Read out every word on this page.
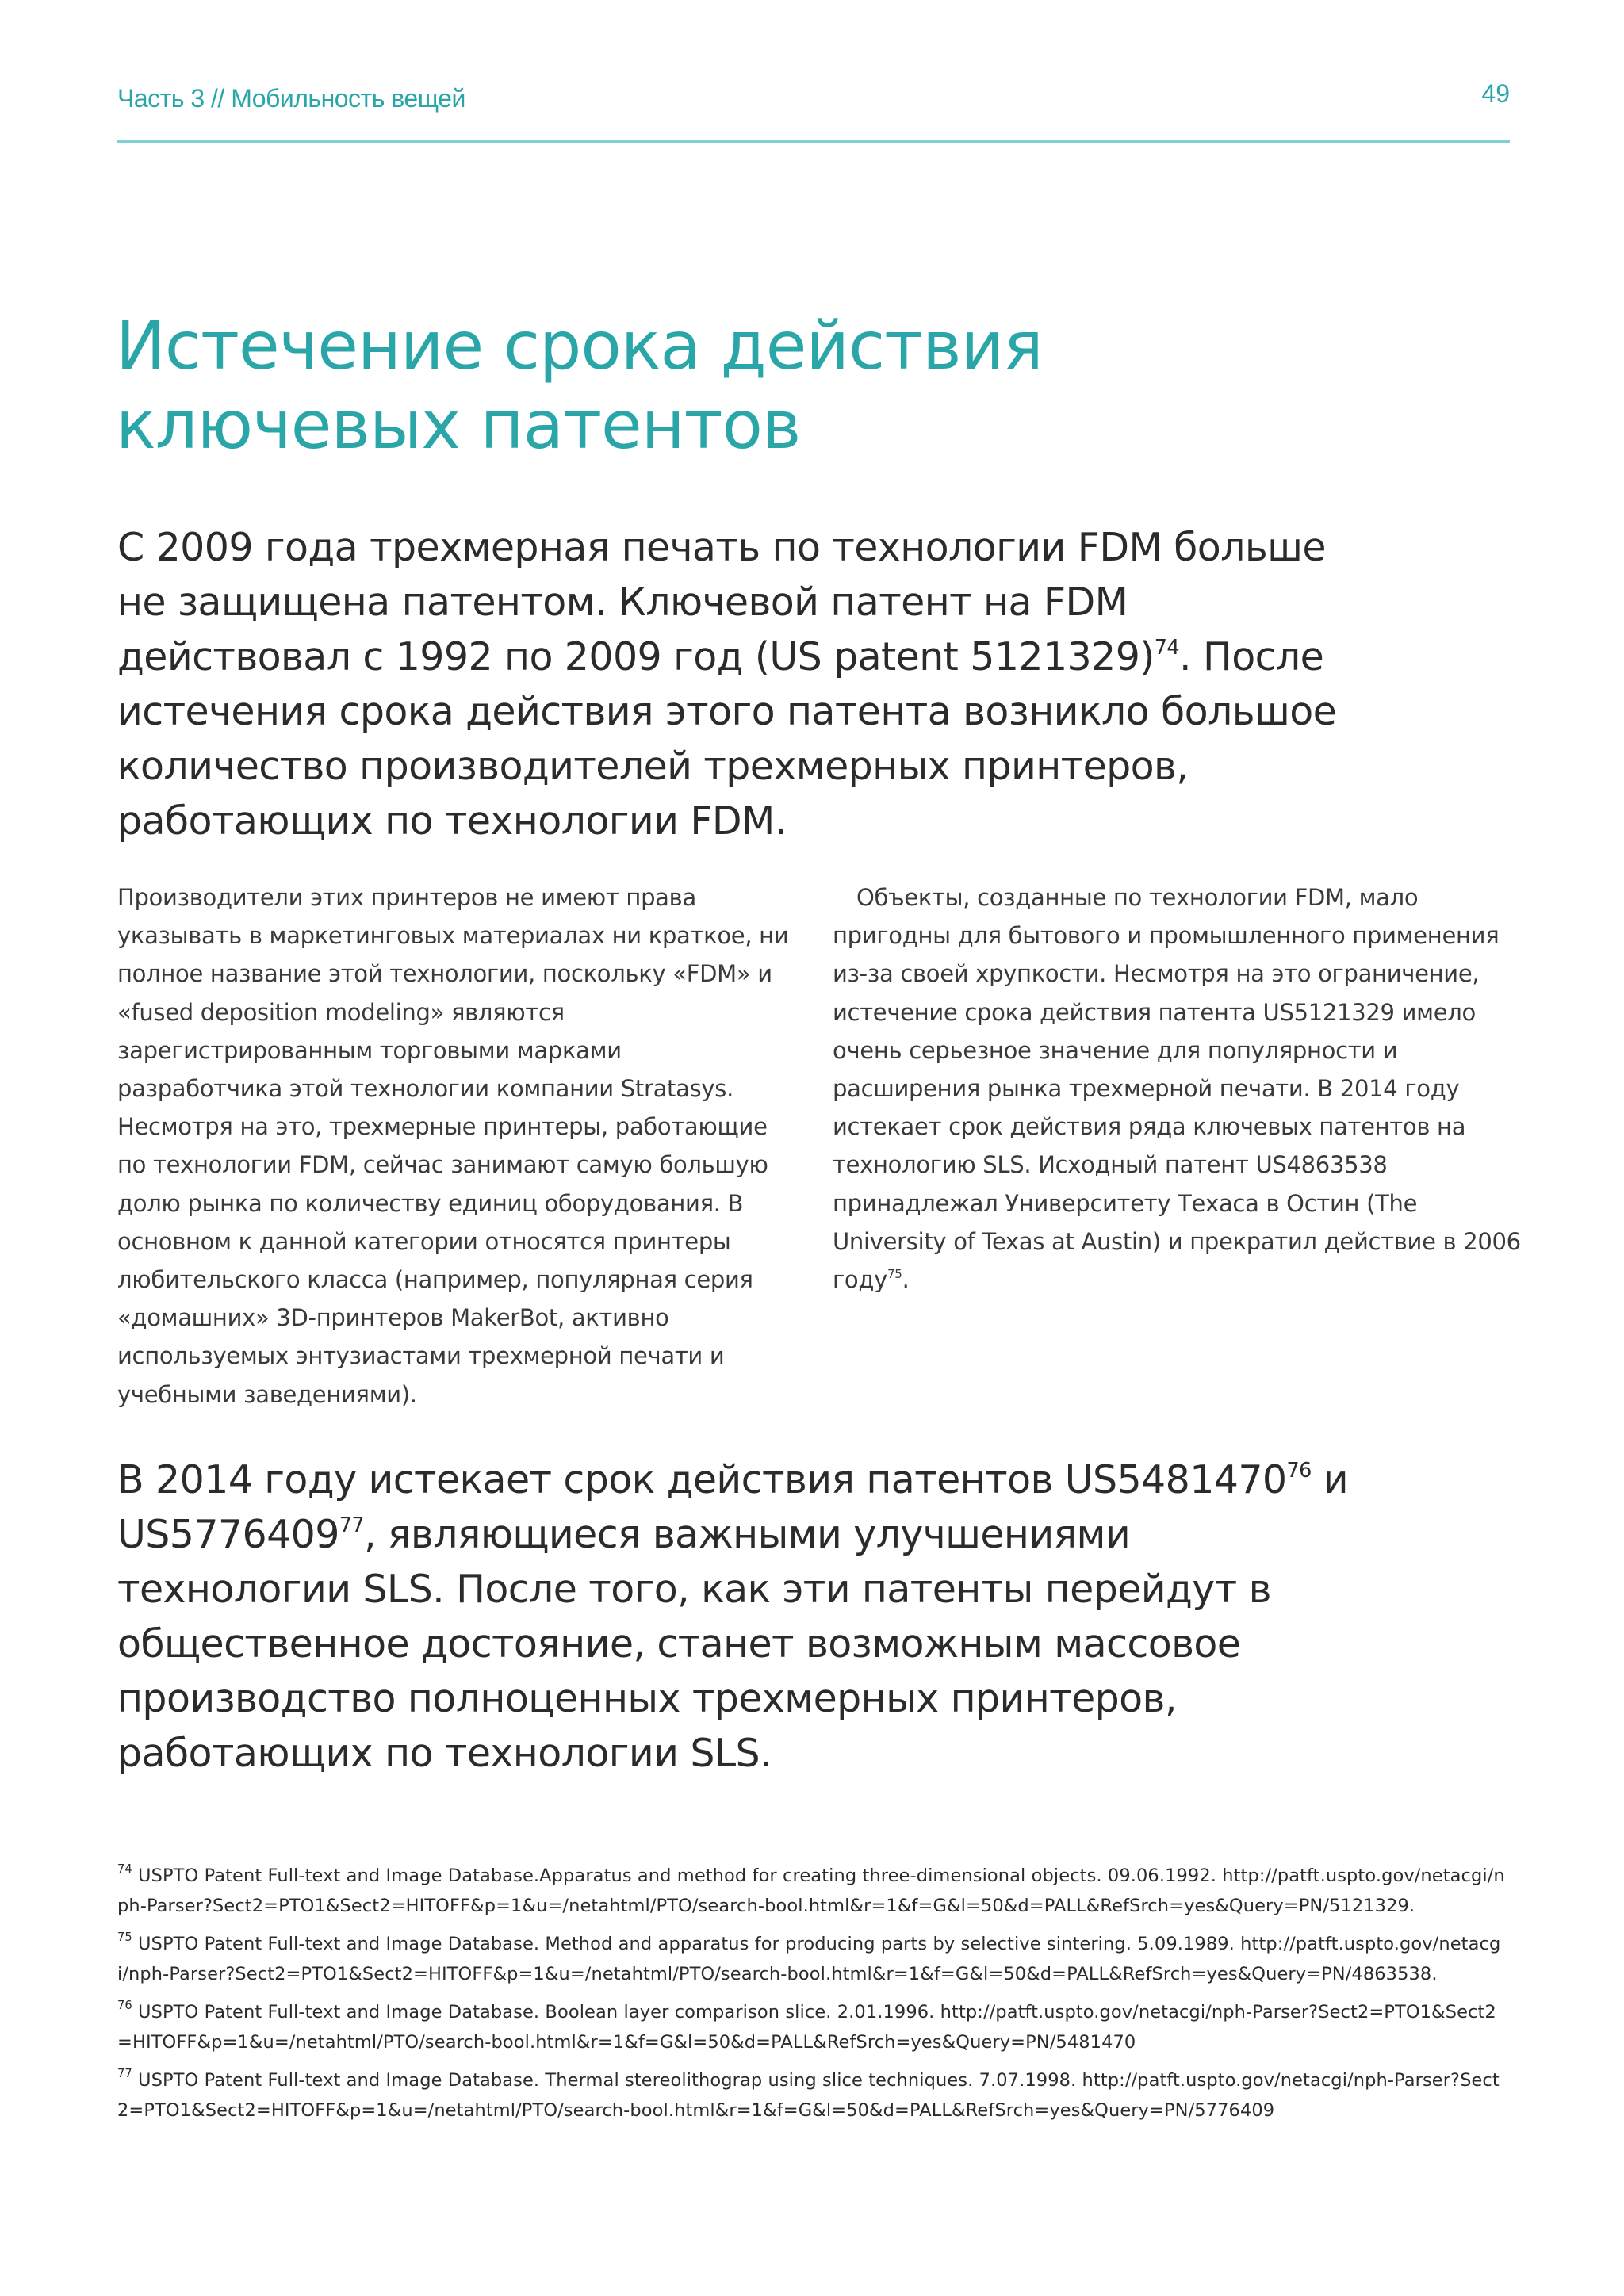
Часть 3 // Мобильность вещей	49
Истечение срока действия
ключевых патентов

С 2009 года трехмерная печать по технологии FDM больше не защищена патентом. Ключевой патент на FDM действовал с 1992 по 2009 год (US patent 5121329)$^{74}$. После истечения срока действия этого патента возникло большое количество производителей трехмерных принтеров, работающих по технологии FDM.

Производители этих принтеров не имеют права указывать в маркетинговых материалах ни краткое, ни полное название этой технологии, поскольку «FDM» и «fused deposition modeling» являются зарегистрированным торговыми марками разработчика этой технологии компании Stratasys. Несмотря на это, трехмерные принтеры, работающие по технологии FDM, сейчас занимают самую большую долю рынка по количеству единиц оборудования. В основном к данной категории относятся принтеры любительского класса (например, популярная серия «домашних» 3D-принтеров MakerBot, активно используемых энтузиастами трехмерной печати и учебными заведениями).

Объекты, созданные по технологии FDM, мало пригодны для бытового и промышленного применения из-за своей хрупкости. Несмотря на это ограничение, истечение срока действия патента US5121329 имело очень серьезное значение для популярности и расширения рынка трехмерной печати. В 2014 году истекает срок действия ряда ключевых патентов на технологию SLS. Исходный патент US4863538 принадлежал Университету Техаса в Остин (The University of Texas at Austin) и прекратил действие в 2006 году$^{75}$.

В 2014 году истекает срок действия патентов US5481470$^{76}$ и US5776409$^{77}$, являющиеся важными улучшениями технологии SLS. После того, как эти патенты перейдут в общественное достояние, станет возможным массовое производство полноценных трехмерных принтеров, работающих по технологии SLS.

$^{74}$ USPTO Patent Full-text and Image Database.Apparatus and method for creating three-dimensional objects. 09.06.1992. http://patft.uspto.gov/netacgi/nph-Parser?Sect2=PTO1&Sect2=HITOFF&p=1&u=/netahtml/PTO/search-bool.html&r=1&f=G&l=50&d=PALL&RefSrch=yes&Query=PN/5121329.

$^{75}$ USPTO Patent Full-text and Image Database. Method and apparatus for producing parts by selective sintering. 5.09.1989. http://patft.uspto.gov/netacgi/nph-Parser?Sect2=PTO1&Sect2=HITOFF&p=1&u=/netahtml/PTO/search-bool.html&r=1&f=G&l=50&d=PALL&RefSrch=yes&Query=PN/4863538.

$^{76}$ USPTO Patent Full-text and Image Database. Boolean layer comparison slice. 2.01.1996. http://patft.uspto.gov/netacgi/nph-Parser?Sect2=PTO1&Sect2=HITOFF&p=1&u=/netahtml/PTO/search-bool.html&r=1&f=G&l=50&d=PALL&RefSrch=yes&Query=PN/5481470

$^{77}$ USPTO Patent Full-text and Image Database. Thermal stereolithograp using slice techniques. 7.07.1998. http://patft.uspto.gov/netacgi/nph-Parser?Sect2=PTO1&Sect2=HITOFF&p=1&u=/netahtml/PTO/search-bool.html&r=1&f=G&l=50&d=PALL&RefSrch=yes&Query=PN/5776409
